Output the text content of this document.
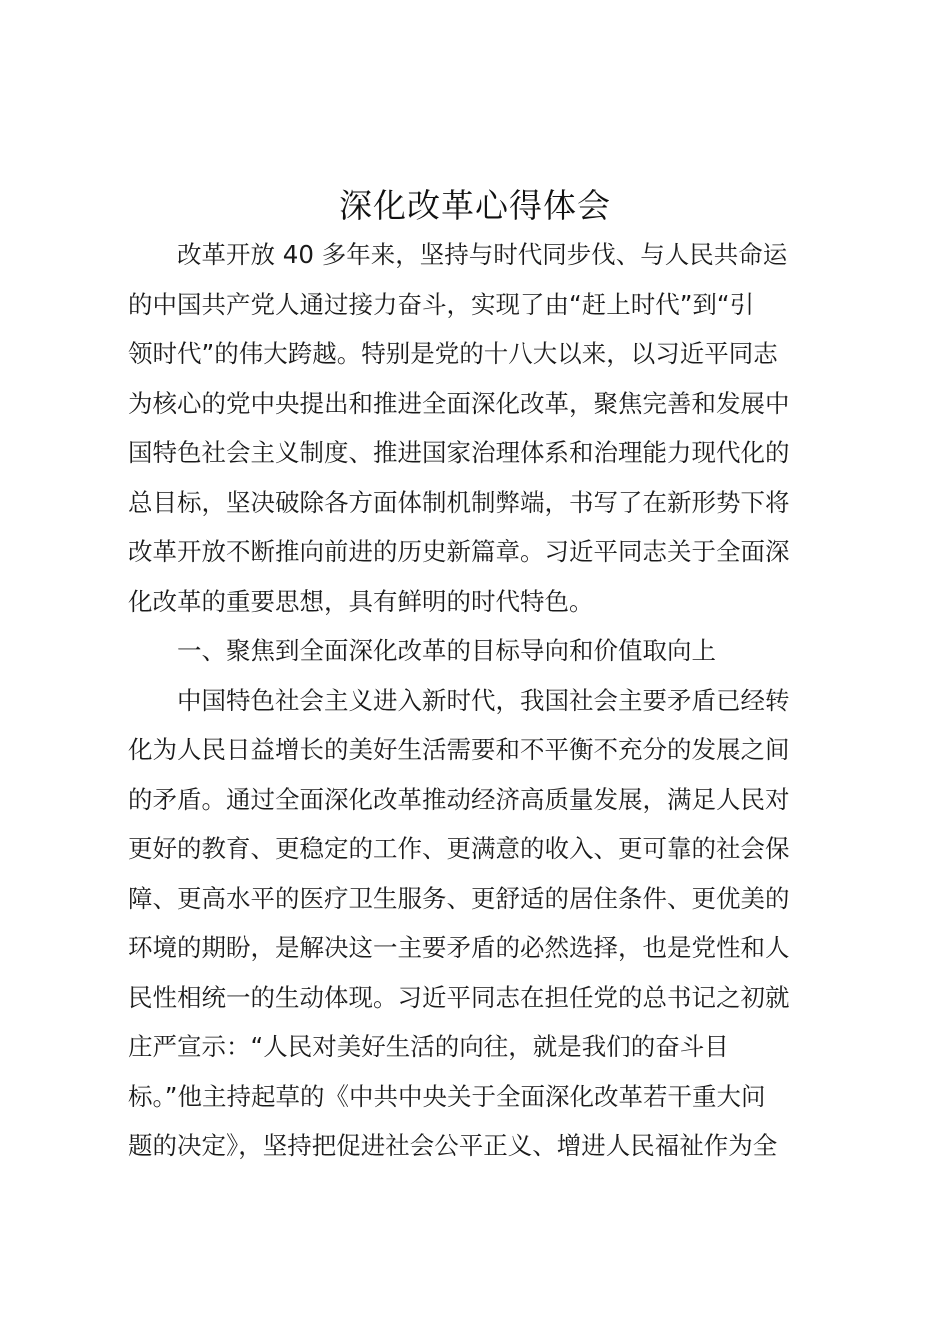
深化改革心得体会

改革开放 40 多年来，坚持与时代同步伐、与人民共命运
的中国共产党人通过接力奋斗，实现了由“赶上时代”到“引
领时代”的伟大跨越。特别是党的十八大以来，以习近平同志
为核心的党中央提出和推进全面深化改革，聚焦完善和发展中
国特色社会主义制度、推进国家治理体系和治理能力现代化的
总目标，坚决破除各方面体制机制弊端，书写了在新形势下将
改革开放不断推向前进的历史新篇章。习近平同志关于全面深
化改革的重要思想，具有鲜明的时代特色。

一、聚焦到全面深化改革的目标导向和价值取向上

中国特色社会主义进入新时代，我国社会主要矛盾已经转
化为人民日益增长的美好生活需要和不平衡不充分的发展之间
的矛盾。通过全面深化改革推动经济高质量发展，满足人民对
更好的教育、更稳定的工作、更满意的收入、更可靠的社会保
障、更高水平的医疗卫生服务、更舒适的居住条件、更优美的
环境的期盼，是解决这一主要矛盾的必然选择，也是党性和人
民性相统一的生动体现。习近平同志在担任党的总书记之初就
庄严宣示：“人民对美好生活的向往，就是我们的奋斗目
标。”他主持起草的《中共中央关于全面深化改革若干重大问
题的决定》，坚持把促进社会公平正义、增进人民福祉作为全
